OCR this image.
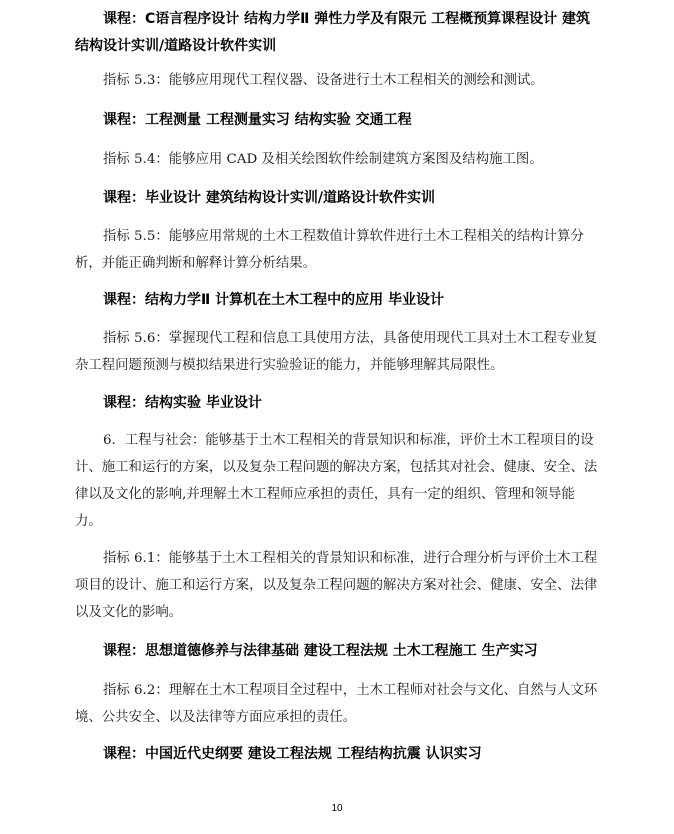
课程：C语言程序设计 结构力学Ⅱ 弹性力学及有限元 工程概预算课程设计 建筑结构设计实训/道路设计软件实训

指标 5.3：能够应用现代工程仪器、设备进行土木工程相关的测绘和测试。

课程：工程测量 工程测量实习 结构实验 交通工程

指标 5.4：能够应用 CAD 及相关绘图软件绘制建筑方案图及结构施工图。

课程：毕业设计 建筑结构设计实训/道路设计软件实训

指标 5.5：能够应用常规的土木工程数值计算软件进行土木工程相关的结构计算分析，并能正确判断和解释计算分析结果。

课程：结构力学Ⅱ 计算机在土木工程中的应用 毕业设计

指标 5.6：掌握现代工程和信息工具使用方法，具备使用现代工具对土木工程专业复杂工程问题预测与模拟结果进行实验验证的能力，并能够理解其局限性。

课程：结构实验 毕业设计

6．工程与社会：能够基于土木工程相关的背景知识和标准，评价土木工程项目的设计、施工和运行的方案，以及复杂工程问题的解决方案，包括其对社会、健康、安全、法律以及文化的影响,并理解土木工程师应承担的责任，具有一定的组织、管理和领导能力。

指标 6.1：能够基于土木工程相关的背景知识和标准，进行合理分析与评价土木工程项目的设计、施工和运行方案，以及复杂工程问题的解决方案对社会、健康、安全、法律以及文化的影响。

课程：思想道德修养与法律基础 建设工程法规 土木工程施工 生产实习

指标 6.2：理解在土木工程项目全过程中，土木工程师对社会与文化、自然与人文环境、公共安全、以及法律等方面应承担的责任。

课程：中国近代史纲要 建设工程法规 工程结构抗震 认识实习

10
